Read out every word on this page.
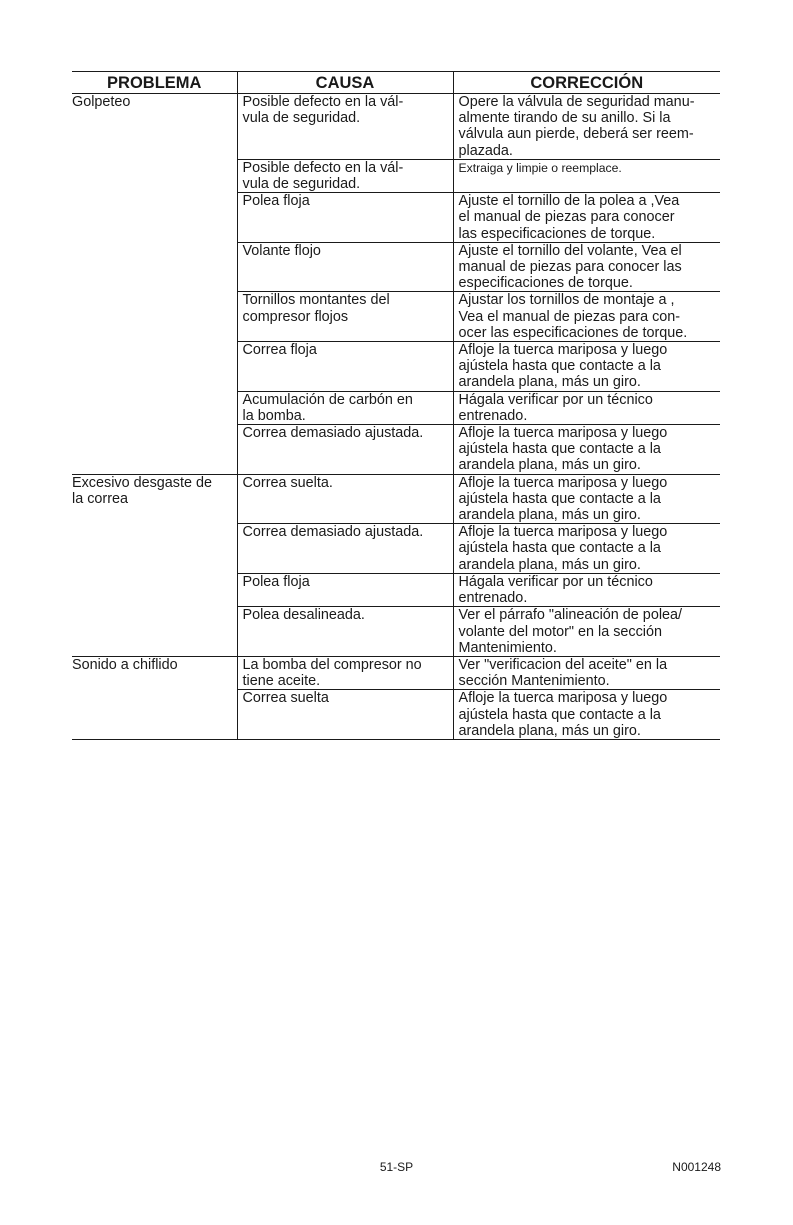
PROBLEMA	CAUSA	CORRECCIÓN
Golpeteo	Posible defecto en la vál-
vula de seguridad.	Opere la válvula de seguridad manu-
almente tirando de su anillo. Si la
válvula aun pierde, deberá ser reem-
plazada.
	Posible defecto en la vál-
vula de seguridad.	Extraiga y limpie o reemplace.
	Polea floja	Ajuste el tornillo de la polea a ,Vea
el manual de piezas para conocer
las especificaciones de torque.
	Volante flojo	Ajuste el tornillo del volante, Vea el
manual de piezas para conocer las
especificaciones de torque.
	Tornillos montantes del
compresor flojos	Ajustar los tornillos de montaje a ,
Vea el manual de piezas para con-
ocer las especificaciones de torque.
	Correa floja	Afloje la tuerca mariposa y luego
ajústela hasta que contacte a la
arandela plana, más un giro.
	Acumulación de carbón en
la bomba.	Hágala verificar por un técnico
entrenado.
	Correa demasiado ajustada.	Afloje la tuerca mariposa y luego
ajústela hasta que contacte a la
arandela plana, más un giro.
Excesivo desgaste de
la correa	Correa suelta.	Afloje la tuerca mariposa y luego
ajústela hasta que contacte a la
arandela plana, más un giro.
	Correa demasiado ajustada.	Afloje la tuerca mariposa y luego
ajústela hasta que contacte a la
arandela plana, más un giro.
	Polea floja	Hágala verificar por un técnico
entrenado.
	Polea desalineada.	Ver el párrafo "alineación de polea/
volante del motor" en la sección
Mantenimiento.
Sonido a chiflido	La bomba del compresor no
tiene aceite.	Ver "verificacion del aceite" en la
sección Mantenimiento.
	Correa suelta	Afloje la tuerca mariposa y luego
ajústela hasta que contacte a la
arandela plana, más un giro.
51-SP	N001248
